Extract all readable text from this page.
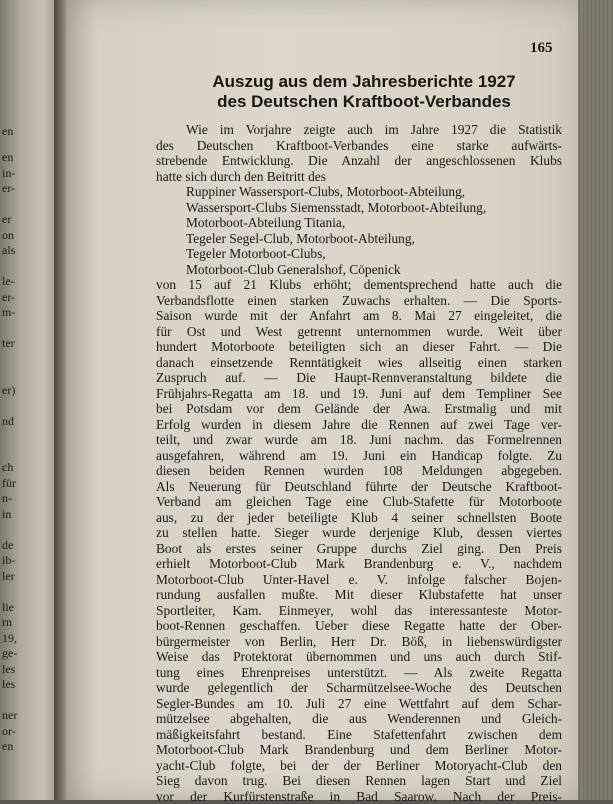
en
en
in-
er-
er
on
als
le-
er-
m-
ter
er)
nd
ch
für
n-
in
de
ib-
ler
lie
rn
19,
ge-
les
les
ner
or-
en
165
Auszug aus dem Jahresberichte 1927
des Deutschen Kraftboot-Verbandes
Wie im Vorjahre zeigte auch im Jahre 1927 die Statistik
des Deutschen Kraftboot-Verbandes eine starke aufwärts-
strebende Entwicklung. Die Anzahl der angeschlossenen Klubs
hatte sich durch den Beitritt des
Ruppiner Wassersport-Clubs, Motorboot-Abteilung,
Wassersport-Clubs Siemensstadt, Motorboot-Abteilung,
Motorboot-Abteilung Titania,
Tegeler Segel-Club, Motorboot-Abteilung,
Tegeler Motorboot-Clubs,
Motorboot-Club Generalshof, Cöpenick
von 15 auf 21 Klubs erhöht; dementsprechend hatte auch die
Verbandsflotte einen starken Zuwachs erhalten. — Die Sports-
Saison wurde mit der Anfahrt am 8. Mai 27 eingeleitet, die
für Ost und West getrennt unternommen wurde. Weit über
hundert Motorboote beteiligten sich an dieser Fahrt. — Die
danach einsetzende Renntätigkeit wies allseitig einen starken
Zuspruch auf. — Die Haupt-Rennveranstaltung bildete die
Frühjahrs-Regatta am 18. und 19. Juni auf dem Templiner See
bei Potsdam vor dem Gelände der Awa. Erstmalig und mit
Erfolg wurden in diesem Jahre die Rennen auf zwei Tage ver-
teilt, und zwar wurde am 18. Juni nachm. das Formelrennen
ausgefahren, während am 19. Juni ein Handicap folgte. Zu
diesen beiden Rennen wurden 108 Meldungen abgegeben.
Als Neuerung für Deutschland führte der Deutsche Kraftboot-
Verband am gleichen Tage eine Club-Stafette für Motorboote
aus, zu der jeder beteiligte Klub 4 seiner schnellsten Boote
zu stellen hatte. Sieger wurde derjenige Klub, dessen viertes
Boot als erstes seiner Gruppe durchs Ziel ging. Den Preis
erhielt Motorboot-Club Mark Brandenburg e. V., nachdem
Motorboot-Club Unter-Havel e. V. infolge falscher Bojen-
rundung ausfallen mußte. Mit dieser Klubstafette hat unser
Sportleiter, Kam. Einmeyer, wohl das interessanteste Motor-
boot-Rennen geschaffen. Ueber diese Regatte hatte der Ober-
bürgermeister von Berlin, Herr Dr. Böß, in liebenswürdigster
Weise das Protektorat übernommen und uns auch durch Stif-
tung eines Ehrenpreises unterstützt. — Als zweite Regatta
wurde gelegentlich der Scharmützelsee-Woche des Deutschen
Segler-Bundes am 10. Juli 27 eine Wettfahrt auf dem Schar-
mützelsee abgehalten, die aus Wenderennen und Gleich-
mäßigkeitsfahrt bestand. Eine Stafettenfahrt zwischen dem
Motorboot-Club Mark Brandenburg und dem Berliner Motor-
yacht-Club folgte, bei der der Berliner Motoryacht-Club den
Sieg davon trug. Bei diesen Rennen lagen Start und Ziel
vor der Kurfürstenstraße in Bad Saarow. Nach der Preis-
